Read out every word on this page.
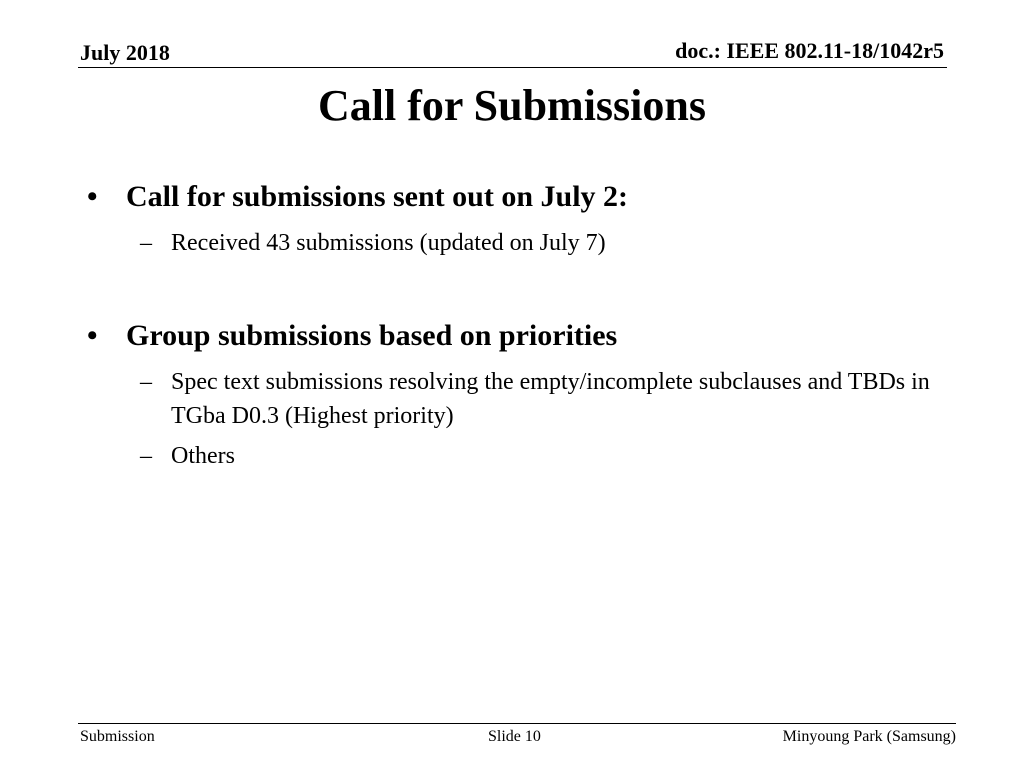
July 2018	doc.: IEEE 802.11-18/1042r5
Call for Submissions
• Call for submissions sent out on July 2:
– Received 43 submissions (updated on July 7)
• Group submissions based on priorities
– Spec text submissions resolving the empty/incomplete subclauses and TBDs in TGba D0.3 (Highest priority)
– Others
Submission	Slide 10	Minyoung Park (Samsung)
